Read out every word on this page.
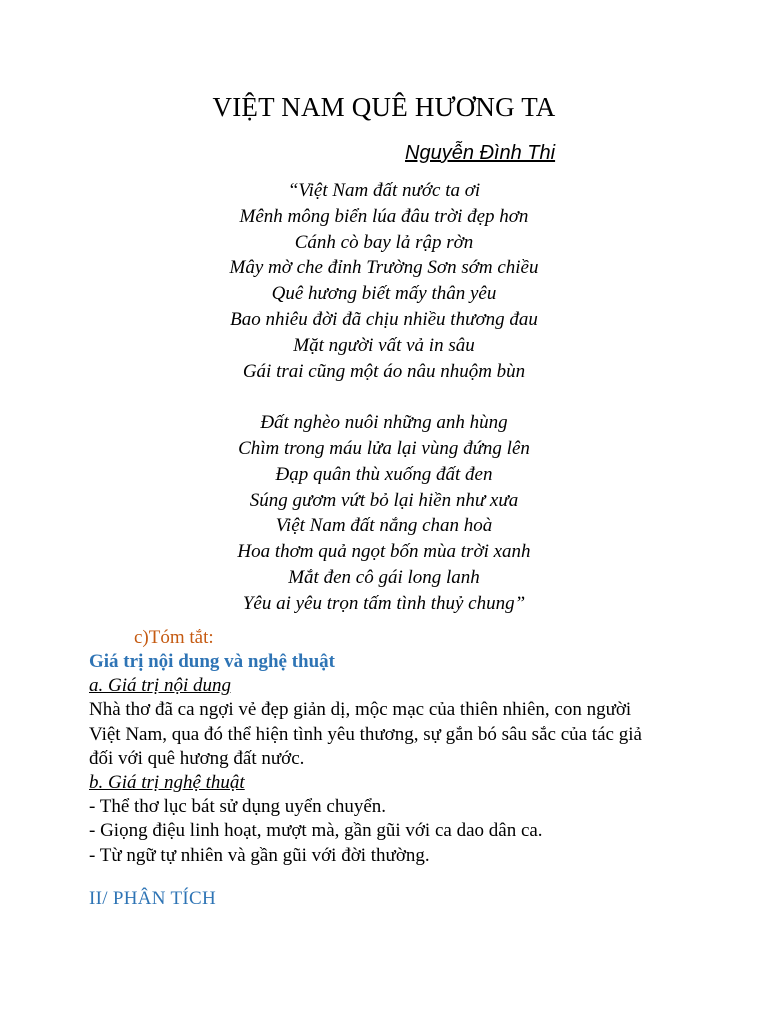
VIỆT NAM QUÊ HƯƠNG TA
Nguyễn Đình Thi
“Việt Nam đất nước ta ơi
Mênh mông biển lúa đâu trời đẹp hơn
Cánh cò bay lả rập rờn
Mây mờ che đỉnh Trường Sơn sớm chiều
Quê hương biết mấy thân yêu
Bao nhiêu đời đã chịu nhiều thương đau
Mặt người vất vả in sâu
Gái trai cũng một áo nâu nhuộm bùn
Đất nghèo nuôi những anh hùng
Chìm trong máu lửa lại vùng đứng lên
Đạp quân thù xuống đất đen
Súng gươm vứt bỏ lại hiền như xưa
Việt Nam đất nắng chan hoà
Hoa thơm quả ngọt bốn mùa trời xanh
Mắt đen cô gái long lanh
Yêu ai yêu trọn tấm tình thuỷ chung”
c)Tóm tắt:
Giá trị nội dung và nghệ thuật
a. Giá trị nội dung
Nhà thơ đã ca ngợi vẻ đẹp giản dị, mộc mạc của thiên nhiên, con người
Việt Nam, qua đó thể hiện tình yêu thương, sự gắn bó sâu sắc của tác giả
đối với quê hương đất nước.
b. Giá trị nghệ thuật
- Thể thơ lục bát sử dụng uyển chuyển.
- Giọng điệu linh hoạt, mượt mà, gần gũi với ca dao dân ca.
- Từ ngữ tự nhiên và gần gũi với đời thường.
II/ PHÂN TÍCH
